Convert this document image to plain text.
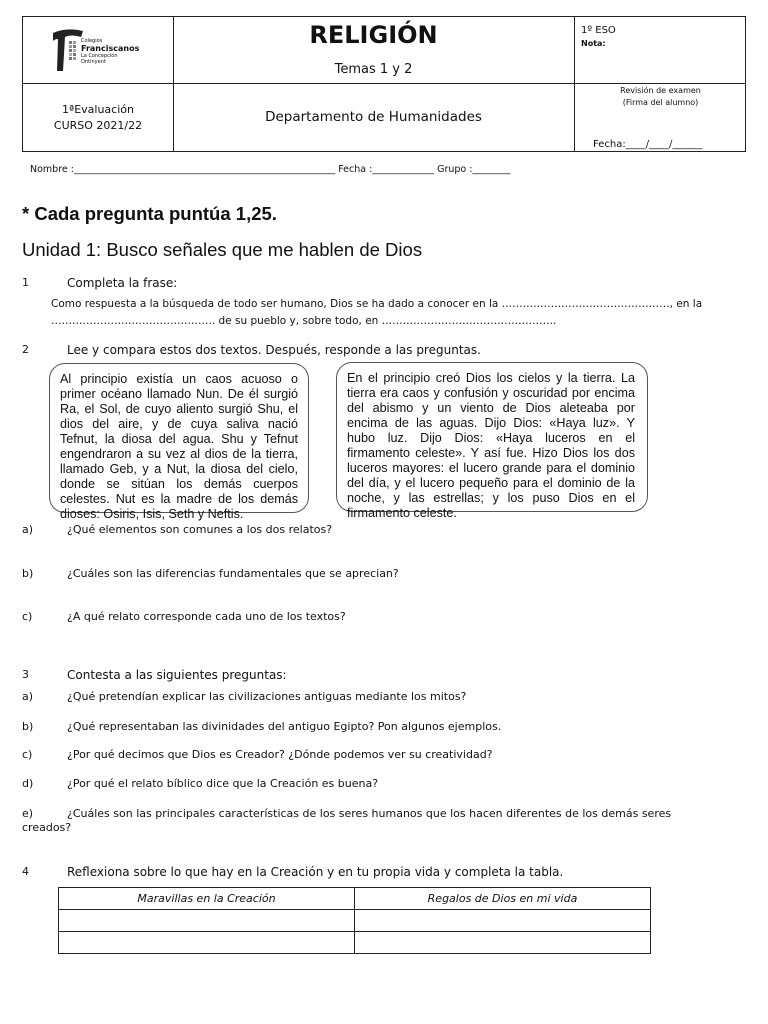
Colegios
Franciscanos
La Concepción
Ontinyent
RELIGIÓN
Temas 1 y 2
1º ESO
Nota:
1ªEvaluación
CURSO 2021/22
Departamento de Humanidades
Revisión de examen
(Firma del alumno)
Fecha:____/____/______
Nombre :_______________________________________________________ Fecha :_____________ Grupo :________
* Cada pregunta puntúa 1,25.
Unidad 1: Busco señales que me hablen de Dios
1	Completa la frase:
Como respuesta a la búsqueda de todo ser humano, Dios se ha dado a conocer en la …………………………………………, en la
……………………………………….. de su pueblo y, sobre todo, en …………………………………………..
2	Lee y compara estos dos textos. Después, responde a las preguntas.
Al principio existía un caos acuoso o primer océano llamado Nun. De él surgió Ra, el Sol, de cuyo aliento surgió Shu, el dios del aire, y de cuya saliva nació Tefnut, la diosa del agua. Shu y Tefnut engendraron a su vez al dios de la tierra, llamado Geb, y a Nut, la diosa del cielo, donde se sitúan los demás cuerpos celestes. Nut es la madre de los demás dioses: Osiris, Isis, Seth y Neftis.
En el principio creó Dios los cielos y la tierra. La tierra era caos y confusión y oscuridad por encima del abismo y un viento de Dios aleteaba por encima de las aguas. Dijo Dios: «Haya luz». Y hubo luz. Dijo Dios: «Haya luceros en el firmamento celeste». Y así fue. Hizo Dios los dos luceros mayores: el lucero grande para el dominio del día, y el lucero pequeño para el dominio de la noche, y las estrellas; y los puso Dios en el firmamento celeste.
a)	¿Qué elementos son comunes a los dos relatos?
b)	¿Cuáles son las diferencias fundamentales que se aprecian?
c)	¿A qué relato corresponde cada uno de los textos?
3	Contesta a las siguientes preguntas:
a)	¿Qué pretendían explicar las civilizaciones antiguas mediante los mitos?
b)	¿Qué representaban las divinidades del antiguo Egipto? Pon algunos ejemplos.
c)	¿Por qué decimos que Dios es Creador? ¿Dónde podemos ver su creatividad?
d)	¿Por qué el relato bíblico dice que la Creación es buena?
e)	¿Cuáles son las principales características de los seres humanos que los hacen diferentes de los demás seres
creados?
4	Reflexiona sobre lo que hay en la Creación y en tu propia vida y completa la tabla.
Maravillas en la Creación	Regalos de Dios en mi vida
